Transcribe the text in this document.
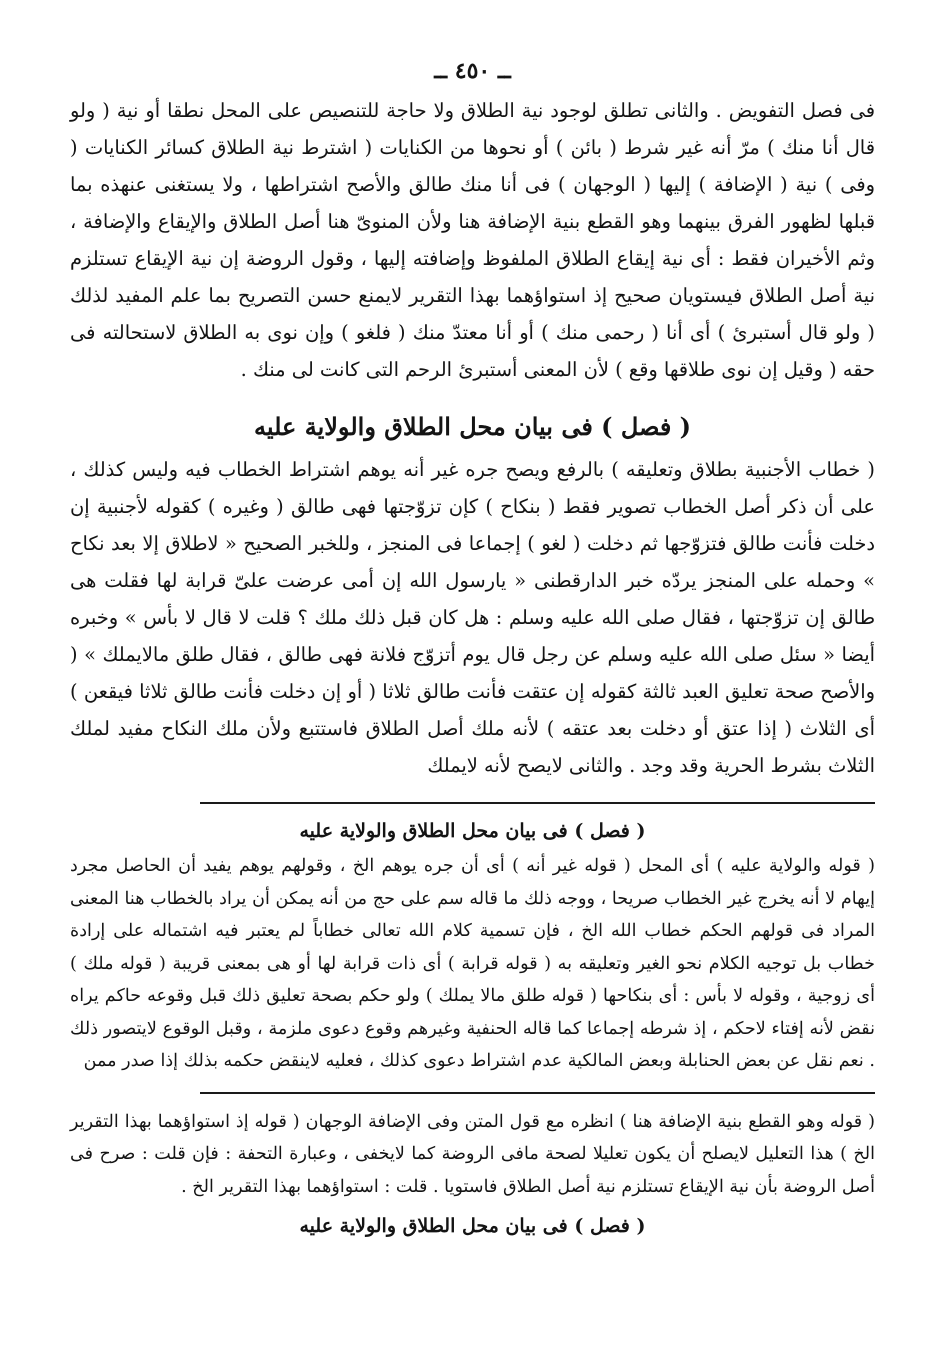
ــ ٤٥٠ ــ

فى فصل التفويض . والثانى تطلق لوجود نية الطلاق ولا حاجة للتنصيص على المحل نطقا أو نية ( ولو قال أنا منك ) مرّ أنه غير شرط ( بائن ) أو نحوها من الكنايات ( اشترط نية الطلاق كسائر الكنايات ( وفى ) نية ( الإضافة ) إليها ( الوجهان ) فى أنا منك طالق والأصح اشتراطها ، ولا يستغنى عنهذه بما قبلها لظهور الفرق بينهما وهو القطع بنية الإضافة هنا ولأن المنوىّ هنا أصل الطلاق والإيقاع والإضافة ، وثم الأخيران فقط : أى نية إيقاع الطلاق الملفوظ وإضافته إليها ، وقول الروضة إن نية الإيقاع تستلزم نية أصل الطلاق فيستويان صحيح إذ استواؤهما بهذا التقرير لايمنع حسن التصريح بما علم المفيد لذلك ( ولو قال أستبرئ ) أى أنا ( رحمى منك ) أو أنا معتدّ منك ( فلغو ) وإن نوى به الطلاق لاستحالته فى حقه ( وقيل إن نوى طلاقها وقع ) لأن المعنى أستبرئ الرحم التى كانت لى منك .

( فصل ) فى بيان محل الطلاق والولاية عليه

( خطاب الأجنبية بطلاق وتعليقه ) بالرفع ويصح جره غير أنه يوهم اشتراط الخطاب فيه وليس كذلك ، على أن ذكر أصل الخطاب تصوير فقط ( بنكاح ) كإن تزوّجتها فهى طالق ( وغيره ) كقوله لأجنبية إن دخلت فأنت طالق فتزوّجها ثم دخلت ( لغو ) إجماعا فى المنجز ، وللخبر الصحيح « لاطلاق إلا بعد نكاح » وحمله على المنجز يردّه خبر الدارقطنى « يارسول الله إن أمى عرضت علىّ قرابة لها فقلت هى طالق إن تزوّجتها ، فقال صلى الله عليه وسلم : هل كان قبل ذلك ملك ؟ قلت لا قال لا بأس » وخبره أيضا « سئل صلى الله عليه وسلم عن رجل قال يوم أتزوّج فلانة فهى طالق ، فقال طلق مالايملك » ( والأصح صحة تعليق العبد ثالثة كقوله إن عتقت فأنت طالق ثلاثا ( أو إن دخلت فأنت طالق ثلاثا فيقعن ) أى الثلاث ( إذا عتق أو دخلت بعد عتقه ) لأنه ملك أصل الطلاق فاستتبع ولأن ملك النكاح مفيد لملك الثلاث بشرط الحرية وقد وجد . والثانى لايصح لأنه لايملك

( فصل ) فى بيان محل الطلاق والولاية عليه

( قوله والولاية عليه ) أى المحل ( قوله غير أنه ) أى أن جره يوهم الخ ، وقولهم يوهم يفيد أن الحاصل مجرد إيهام لا أنه يخرج غير الخطاب صريحا ، ووجه ذلك ما قاله سم على حج من أنه يمكن أن يراد بالخطاب هنا المعنى المراد فى قولهم الحكم خطاب الله الخ ، فإن تسمية كلام الله تعالى خطاباً لم يعتبر فيه اشتماله على إرادة خطاب بل توجيه الكلام نحو الغير وتعليقه به ( قوله قرابة ) أى ذات قرابة لها أو هى بمعنى قريبة ( قوله ملك ) أى زوجية ، وقوله لا بأس : أى بنكاحها ( قوله طلق مالا يملك ) ولو حكم بصحة تعليق ذلك قبل وقوعه حاكم يراه نقض لأنه إفتاء لاحكم ، إذ شرطه إجماعا كما قاله الحنفية وغيرهم وقوع دعوى ملزمة ، وقبل الوقوع لايتصور ذلك . نعم نقل عن بعض الحنابلة وبعض المالكية عدم اشتراط دعوى كذلك ، فعليه لاينقض حكمه بذلك إذا صدر ممن

( قوله وهو القطع بنية الإضافة هنا ) انظره مع قول المتن وفى الإضافة الوجهان ( قوله إذ استواؤهما بهذا التقرير الخ ) هذا التعليل لايصلح أن يكون تعليلا لصحة مافى الروضة كما لايخفى ، وعبارة التحفة : فإن قلت : صرح فى أصل الروضة بأن نية الإيقاع تستلزم نية أصل الطلاق فاستويا . قلت : استواؤهما بهذا التقرير الخ .

( فصل ) فى بيان محل الطلاق والولاية عليه
